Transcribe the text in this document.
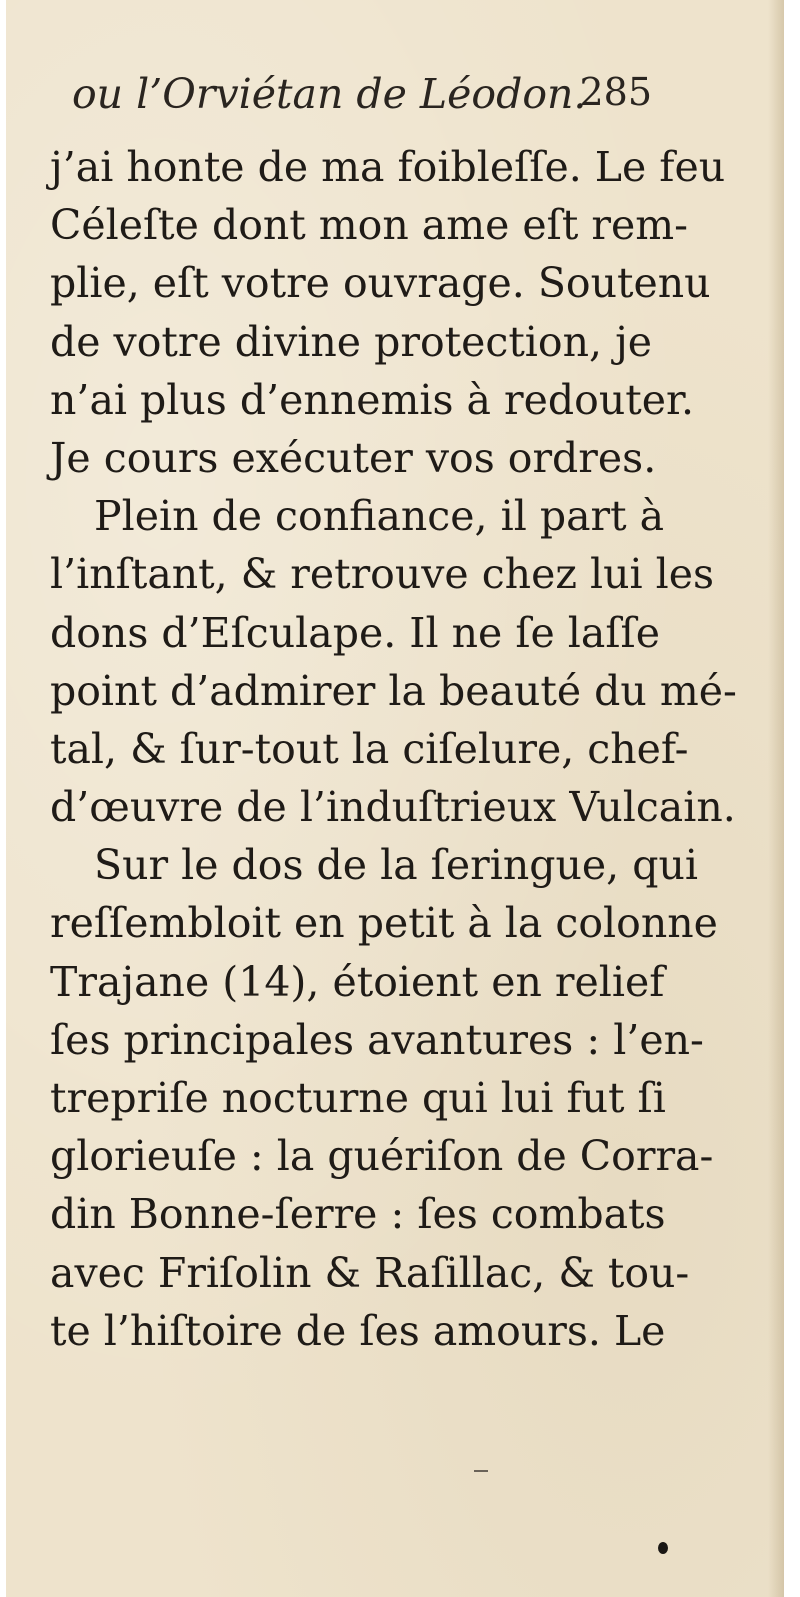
ou l’Orviétan de Léodon.
285
j’ai honte de ma foibleſſe. Le feu
Céleſte dont mon ame eſt rem-
plie, eſt votre ouvrage. Soutenu
de votre divine protection, je
n’ai plus d’ennemis à redouter.
Je cours exécuter vos ordres.
Plein de confiance, il part à
l’inſtant, & retrouve chez lui les
dons d’Eſculape. Il ne ſe laſſe
point d’admirer la beauté du mé-
tal, & ſur-tout la ciſelure, chef-
d’œuvre de l’induſtrieux Vulcain.
Sur le dos de la ſeringue, qui
reſſembloit en petit à la colonne
Trajane (14), étoient en relief
ſes principales avantures : l’en-
trepriſe nocturne qui lui fut ſi
glorieuſe : la guériſon de Corra-
din Bonne-ſerre : ſes combats
avec Friſolin & Raſillac, & tou-
te l’hiſtoire de ſes amours. Le
